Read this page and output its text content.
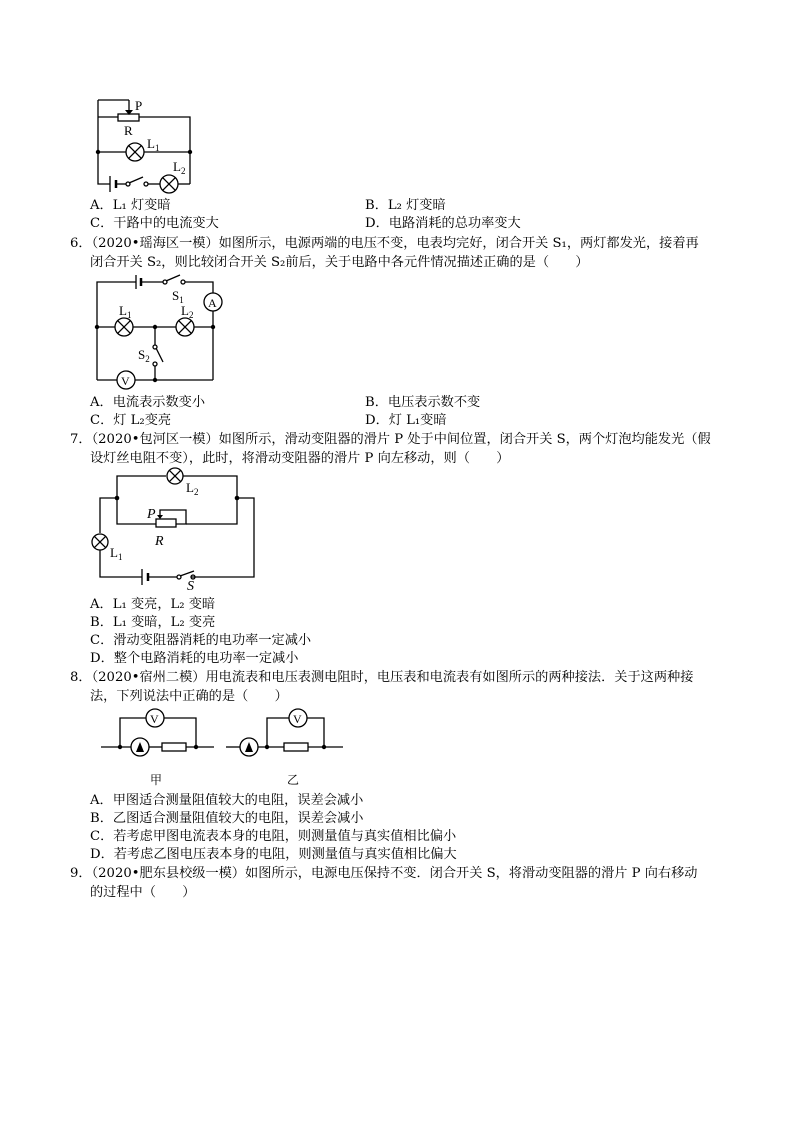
P
R
$L_1$
$L_2$
A．L₁ 灯变暗	B．L₂ 灯变暗
C．干路中的电流变大	D．电路消耗的总功率变大
6．（2020•瑶海区一模）如图所示，电源两端的电压不变，电表均完好，闭合开关 S₁，两灯都发光，接着再
闭合开关 S₂，则比较闭合开关 S₂前后，关于电路中各元件情况描述正确的是（　　）
A
V
$S_1$
$S_2$
$L_1$	$L_2$
A．电流表示数变小	B．电压表示数不变
C．灯 L₂变亮	D．灯 L₁变暗
7．（2020•包河区一模）如图所示，滑动变阻器的滑片 P 处于中间位置，闭合开关 S，两个灯泡均能发光（假
设灯丝电阻不变），此时，将滑动变阻器的滑片 P 向左移动，则（　　）
P
R
S
$L_2$
$L_1$
A．L₁ 变亮，L₂ 变暗
B．L₁ 变暗，L₂ 变亮
C．滑动变阻器消耗的电功率一定减小
D．整个电路消耗的电功率一定减小
8．（2020•宿州二模）用电流表和电压表测电阻时，电压表和电流表有如图所示的两种接法．关于这两种接
法，下列说法中正确的是（　　）
V	V
甲	乙
A．甲图适合测量阻值较大的电阻，误差会减小
B．乙图适合测量阻值较大的电阻，误差会减小
C．若考虑甲图电流表本身的电阻，则测量值与真实值相比偏小
D．若考虑乙图电压表本身的电阻，则测量值与真实值相比偏大
9．（2020•肥东县校级一模）如图所示，电源电压保持不变．闭合开关 S，将滑动变阻器的滑片 P 向右移动
的过程中（　　）
